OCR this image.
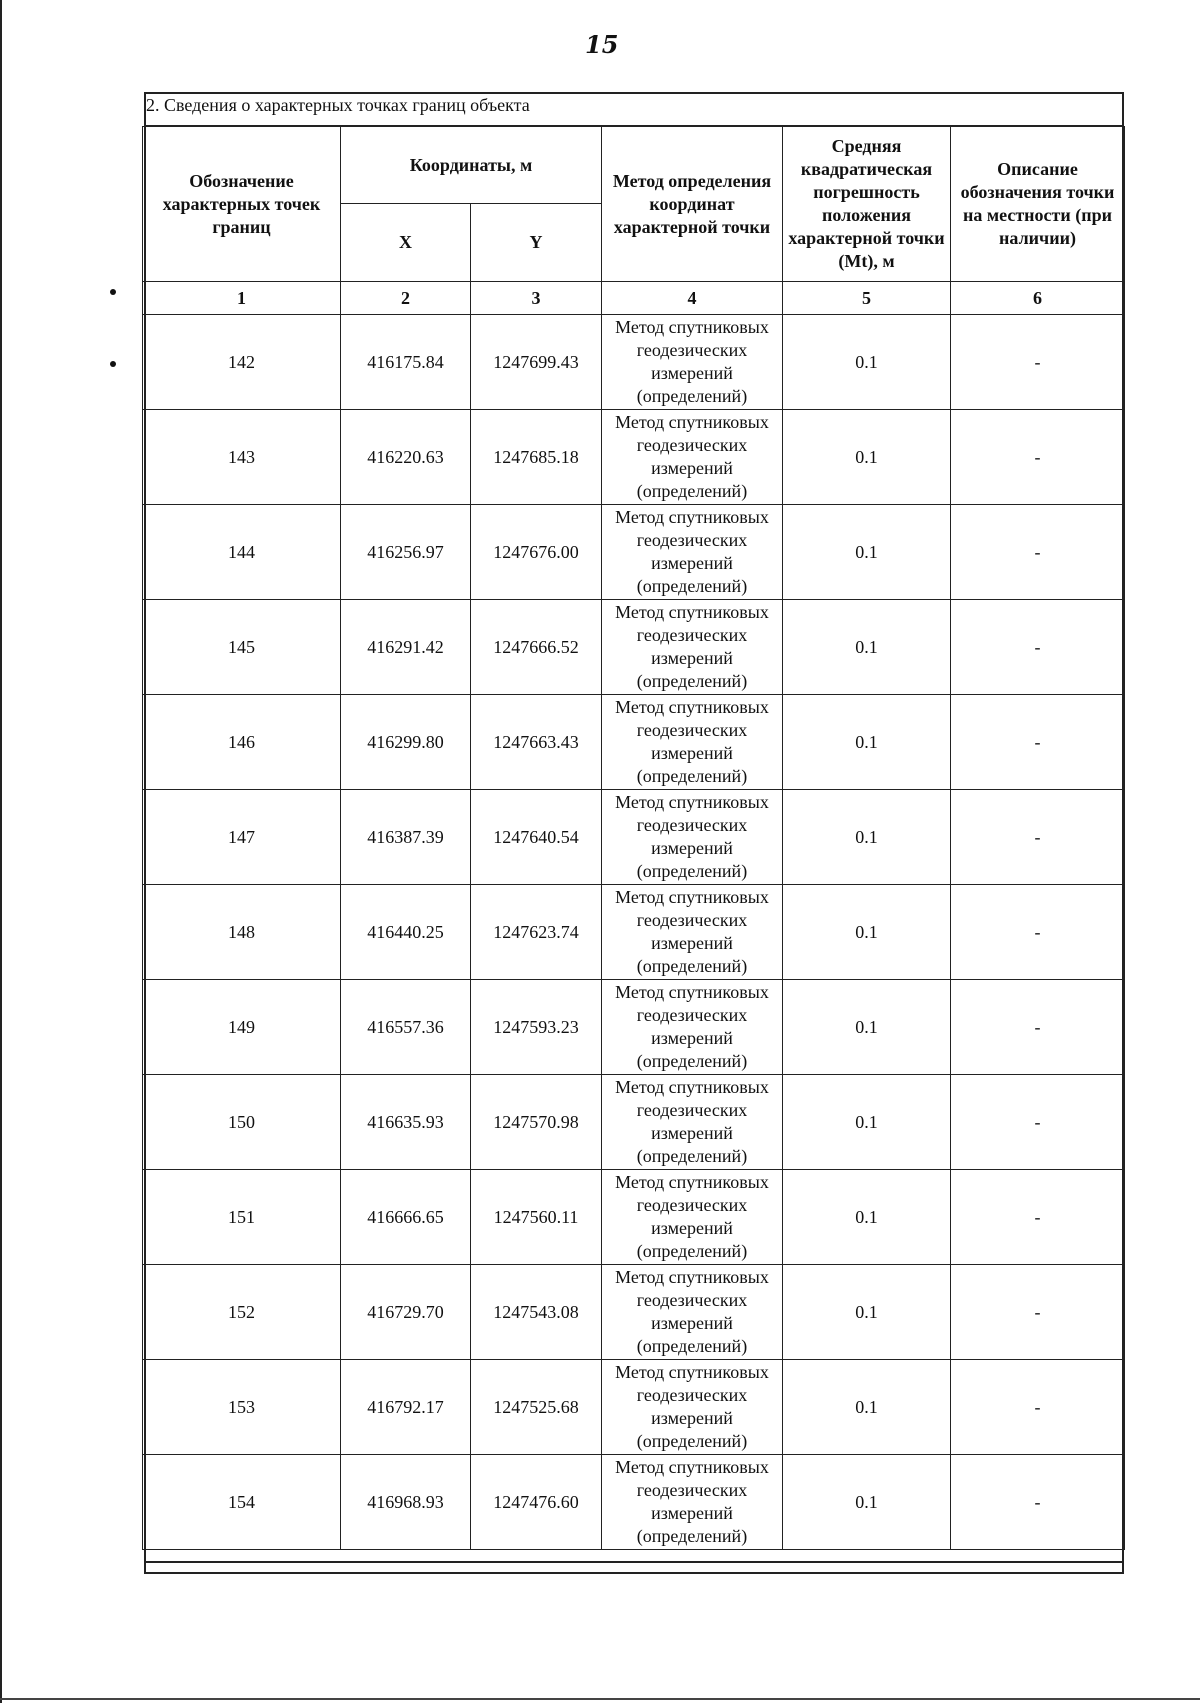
15
2. Сведения о характерных точках границ объекта
Обозначение характерных точек границ	Координаты, м		Метод определения координат характерной точки	Средняя квадратическая погрешность положения характерной точки (Mt), м	Описание обозначения точки на местности (при наличии)
	X	Y			
1	2	3	4	5	6
142	416175.84	1247699.43	Метод спутниковых геодезических измерений (определений)	0.1	-
143	416220.63	1247685.18	Метод спутниковых геодезических измерений (определений)	0.1	-
144	416256.97	1247676.00	Метод спутниковых геодезических измерений (определений)	0.1	-
145	416291.42	1247666.52	Метод спутниковых геодезических измерений (определений)	0.1	-
146	416299.80	1247663.43	Метод спутниковых геодезических измерений (определений)	0.1	-
147	416387.39	1247640.54	Метод спутниковых геодезических измерений (определений)	0.1	-
148	416440.25	1247623.74	Метод спутниковых геодезических измерений (определений)	0.1	-
149	416557.36	1247593.23	Метод спутниковых геодезических измерений (определений)	0.1	-
150	416635.93	1247570.98	Метод спутниковых геодезических измерений (определений)	0.1	-
151	416666.65	1247560.11	Метод спутниковых геодезических измерений (определений)	0.1	-
152	416729.70	1247543.08	Метод спутниковых геодезических измерений (определений)	0.1	-
153	416792.17	1247525.68	Метод спутниковых геодезических измерений (определений)	0.1	-
154	416968.93	1247476.60	Метод спутниковых геодезических измерений (определений)	0.1	-
